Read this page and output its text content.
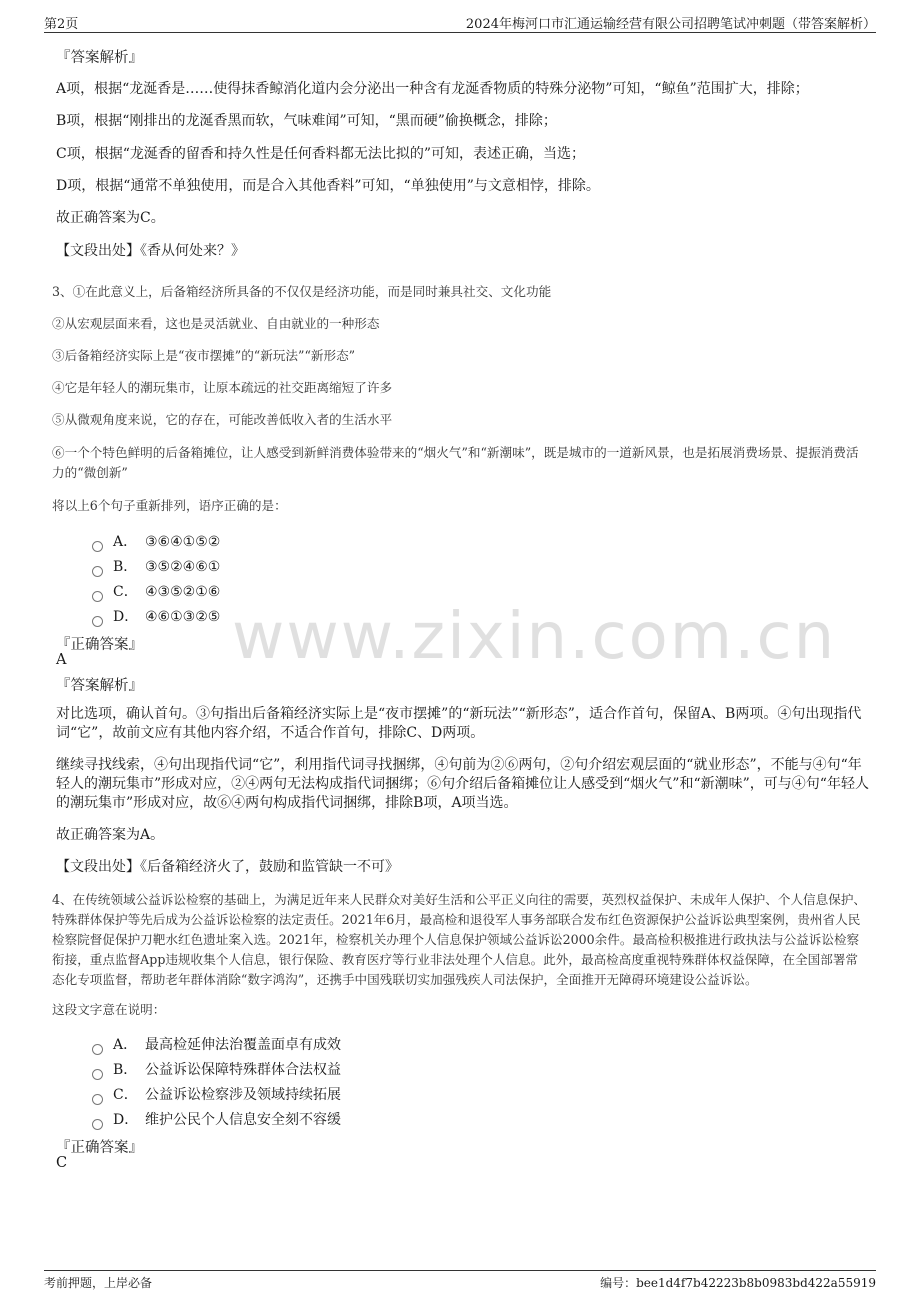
第2页	2024年梅河口市汇通运输经营有限公司招聘笔试冲刺题（带答案解析）
www.zixin.com.cn
『答案解析』
A项，根据“龙涎香是……使得抹香鲸消化道内会分泌出一种含有龙涎香物质的特殊分泌物”可知，“鲸鱼”范围扩大，排除；
B项，根据“刚排出的龙涎香黑而软，气味难闻”可知，“黑而硬”偷换概念，排除；
C项，根据“龙涎香的留香和持久性是任何香料都无法比拟的”可知，表述正确，当选；
D项，根据“通常不单独使用，而是合入其他香料”可知，“单独使用”与文意相悖，排除。
故正确答案为C。
【文段出处】《香从何处来？》
3、①在此意义上，后备箱经济所具备的不仅仅是经济功能，而是同时兼具社交、文化功能
②从宏观层面来看，这也是灵活就业、自由就业的一种形态
③后备箱经济实际上是“夜市摆摊”的“新玩法”“新形态”
④它是年轻人的潮玩集市，让原本疏远的社交距离缩短了许多
⑤从微观角度来说，它的存在，可能改善低收入者的生活水平
⑥一个个特色鲜明的后备箱摊位，让人感受到新鲜消费体验带来的“烟火气”和“新潮味”，既是城市的一道新风景，也是拓展消费场景、提振消费活力的“微创新”
将以上6个句子重新排列，语序正确的是：
A． ③⑥④①⑤②
B． ③⑤②④⑥①
C． ④③⑤②①⑥
D． ④⑥①③②⑤
『正确答案』
A
『答案解析』
对比选项，确认首句。③句指出后备箱经济实际上是“夜市摆摊”的“新玩法”“新形态”，适合作首句，保留A、B两项。④句出现指代词“它”，故前文应有其他内容介绍，不适合作首句，排除C、D两项。
继续寻找线索，④句出现指代词“它”，利用指代词寻找捆绑，④句前为②⑥两句，②句介绍宏观层面的“就业形态”，不能与④句“年轻人的潮玩集市”形成对应，②④两句无法构成指代词捆绑；⑥句介绍后备箱摊位让人感受到“烟火气”和“新潮味”，可与④句“年轻人的潮玩集市”形成对应，故⑥④两句构成指代词捆绑，排除B项，A项当选。
故正确答案为A。
【文段出处】《后备箱经济火了，鼓励和监管缺一不可》
4、在传统领域公益诉讼检察的基础上，为满足近年来人民群众对美好生活和公平正义向往的需要，英烈权益保护、未成年人保护、个人信息保护、特殊群体保护等先后成为公益诉讼检察的法定责任。2021年6月，最高检和退役军人事务部联合发布红色资源保护公益诉讼典型案例，贵州省人民检察院督促保护刀靶水红色遗址案入选。2021年，检察机关办理个人信息保护领域公益诉讼2000余件。最高检积极推进行政执法与公益诉讼检察衔接，重点监督App违规收集个人信息，银行保险、教育医疗等行业非法处理个人信息。此外，最高检高度重视特殊群体权益保障，在全国部署常态化专项监督，帮助老年群体消除“数字鸿沟”，还携手中国残联切实加强残疾人司法保护，全面推开无障碍环境建设公益诉讼。
这段文字意在说明：
A． 最高检延伸法治覆盖面卓有成效
B． 公益诉讼保障特殊群体合法权益
C． 公益诉讼检察涉及领域持续拓展
D． 维护公民个人信息安全刻不容缓
『正确答案』
C
考前押题，上岸必备	编号：bee1d4f7b42223b8b0983bd422a55919
